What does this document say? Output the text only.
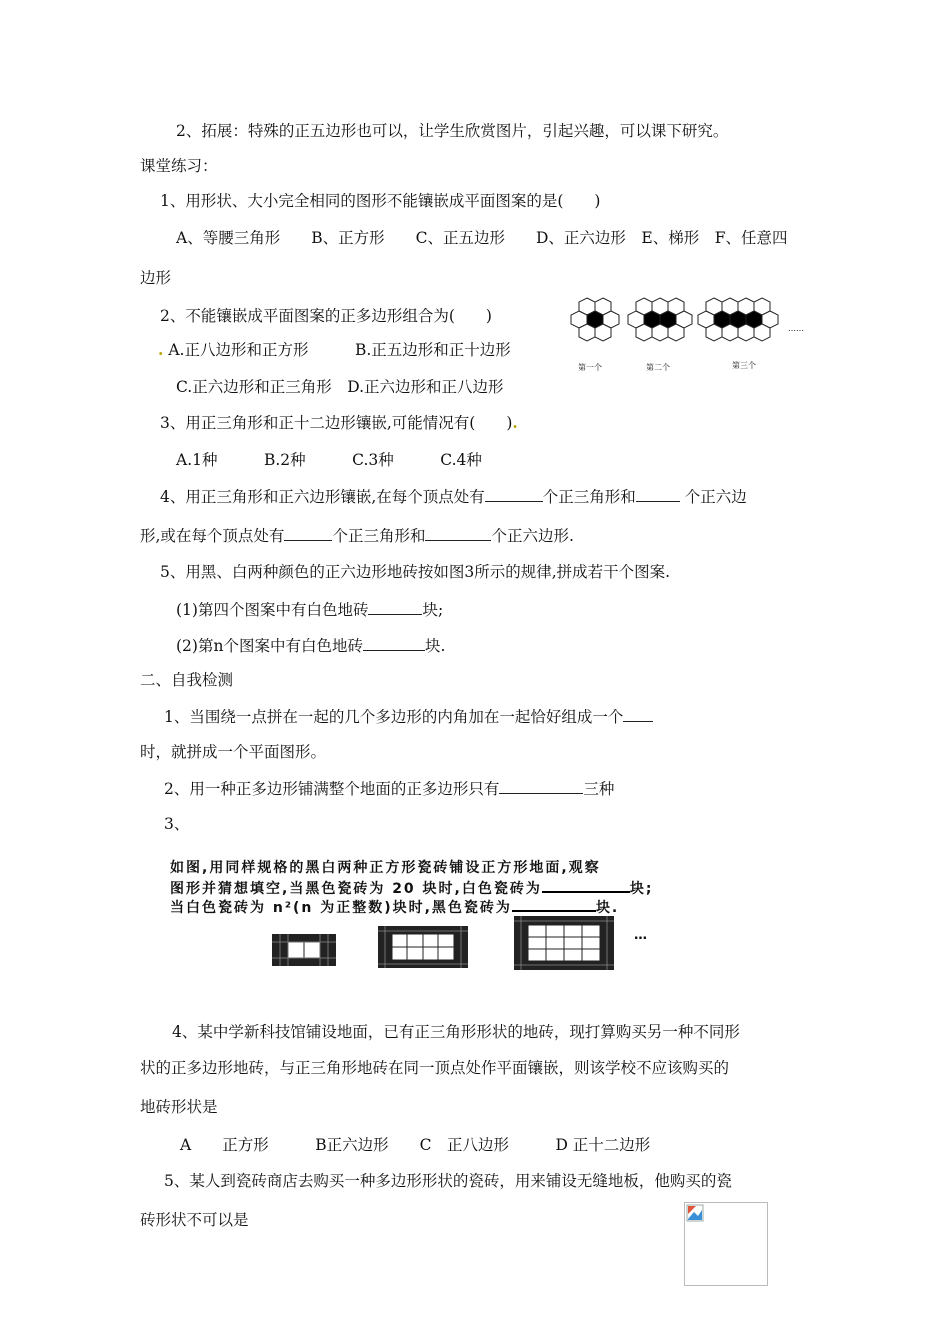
2、拓展：特殊的正五边形也可以，让学生欣赏图片，引起兴趣，可以课下研究。
课堂练习：
1、用形状、大小完全相同的图形不能镶嵌成平面图案的是(　　)
A、等腰三角形　　B、正方形　　C、正五边形　　D、正六边形　E、梯形　F、任意四
边形
2、不能镶嵌成平面图案的正多边形组合为(　　)
. A.正八边形和正方形　　　B.正五边形和正十边形
C.正六边形和正三角形　D.正六边形和正八边形
3、用正三角形和正十二边形镶嵌,可能情况有(　　).
A.1种　　　B.2种　　　C.3种　　　C.4种
4、用正三角形和正六边形镶嵌,在每个顶点处有	个正三角形和	个正六边
形,或在每个顶点处有	个正三角形和	个正六边形.
5、用黑、白两种颜色的正六边形地砖按如图3所示的规律,拼成若干个图案.
(1)第四个图案中有白色地砖	块;
(2)第n个图案中有白色地砖	块.
二、自我检测
1、当围绕一点拼在一起的几个多边形的内角加在一起恰好组成一个
时，就拼成一个平面图形。
2、用一种正多边形铺满整个地面的正多边形只有	三种
3、
4、某中学新科技馆铺设地面，已有正三角形形状的地砖，现打算购买另一种不同形
状的正多边形地砖，与正三角形地砖在同一顶点处作平面镶嵌，则该学校不应该购买的
地砖形状是
A　　正方形　　　B正六边形　　C　正八边形　　　D 正十二边形
5、某人到瓷砖商店去购买一种多边形形状的瓷砖，用来铺设无缝地板，他购买的瓷
砖形状不可以是
第一个	第二个	第三个
……
如图,用同样规格的黑白两种正方形瓷砖铺设正方形地面,观察
图形并猜想填空,当黑色瓷砖为 20 块时,白色瓷砖为	块;
当白色瓷砖为 n²(n 为正整数)块时,黑色瓷砖为	块.
…
